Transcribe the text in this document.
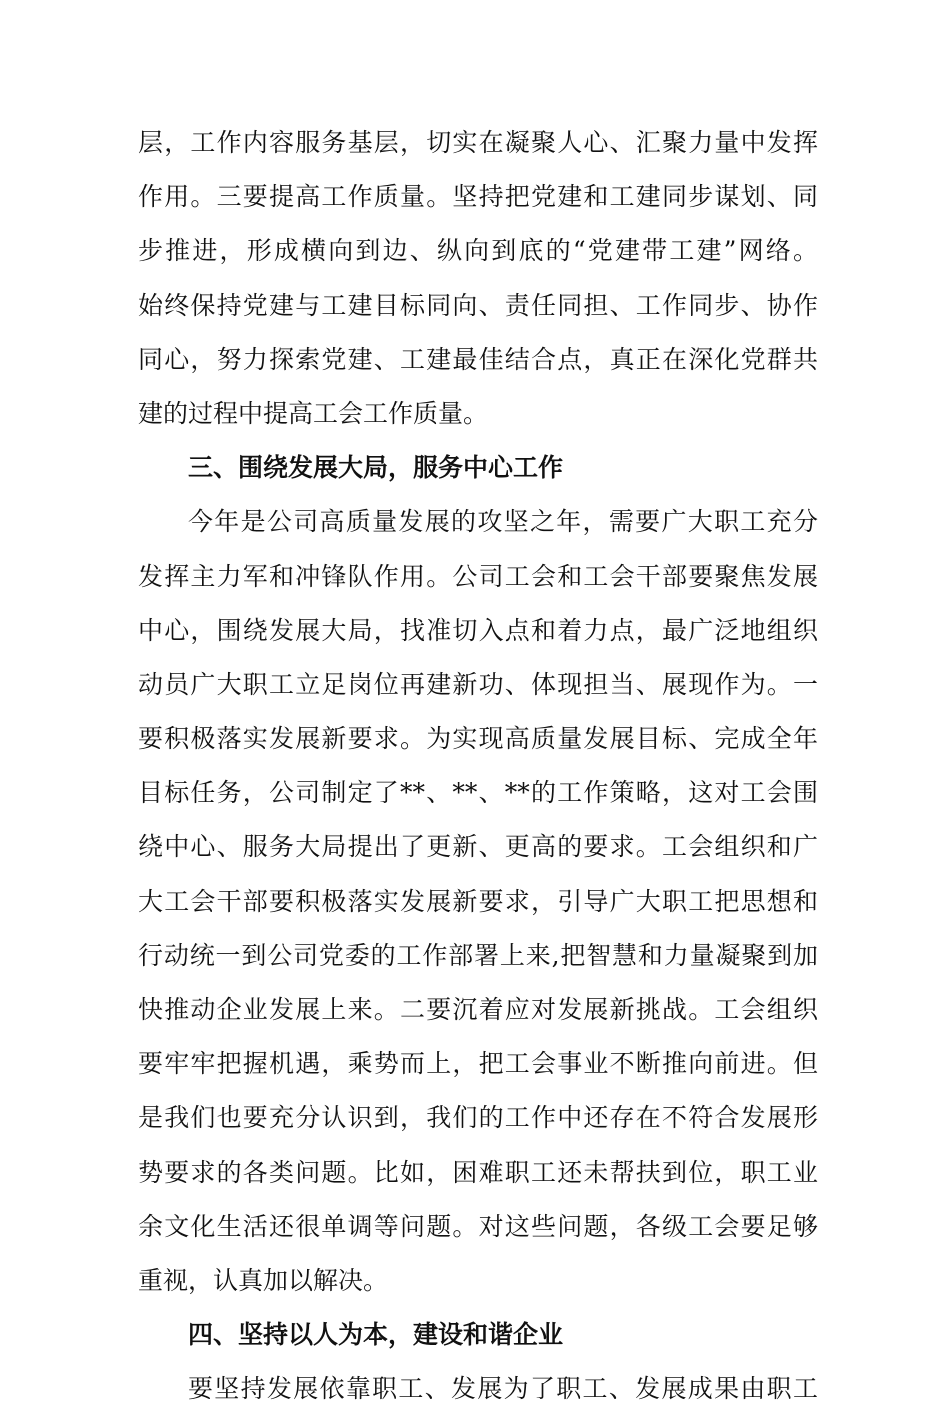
层，工作内容服务基层，切实在凝聚人心、汇聚力量中发挥
作用。三要提高工作质量。坚持把党建和工建同步谋划、同
步推进，形成横向到边、纵向到底的“党建带工建”网络。
始终保持党建与工建目标同向、责任同担、工作同步、协作
同心，努力探索党建、工建最佳结合点，真正在深化党群共
建的过程中提高工会工作质量。
三、围绕发展大局，服务中心工作
今年是公司高质量发展的攻坚之年，需要广大职工充分
发挥主力军和冲锋队作用。公司工会和工会干部要聚焦发展
中心，围绕发展大局，找准切入点和着力点，最广泛地组织
动员广大职工立足岗位再建新功、体现担当、展现作为。一
要积极落实发展新要求。为实现高质量发展目标、完成全年
目标任务，公司制定了**、**、**的工作策略，这对工会围
绕中心、服务大局提出了更新、更高的要求。工会组织和广
大工会干部要积极落实发展新要求，引导广大职工把思想和
行动统一到公司党委的工作部署上来,把智慧和力量凝聚到加
快推动企业发展上来。二要沉着应对发展新挑战。工会组织
要牢牢把握机遇，乘势而上，把工会事业不断推向前进。但
是我们也要充分认识到，我们的工作中还存在不符合发展形
势要求的各类问题。比如，困难职工还未帮扶到位，职工业
余文化生活还很单调等问题。对这些问题，各级工会要足够
重视，认真加以解决。
四、坚持以人为本，建设和谐企业
要坚持发展依靠职工、发展为了职工、发展成果由职工
